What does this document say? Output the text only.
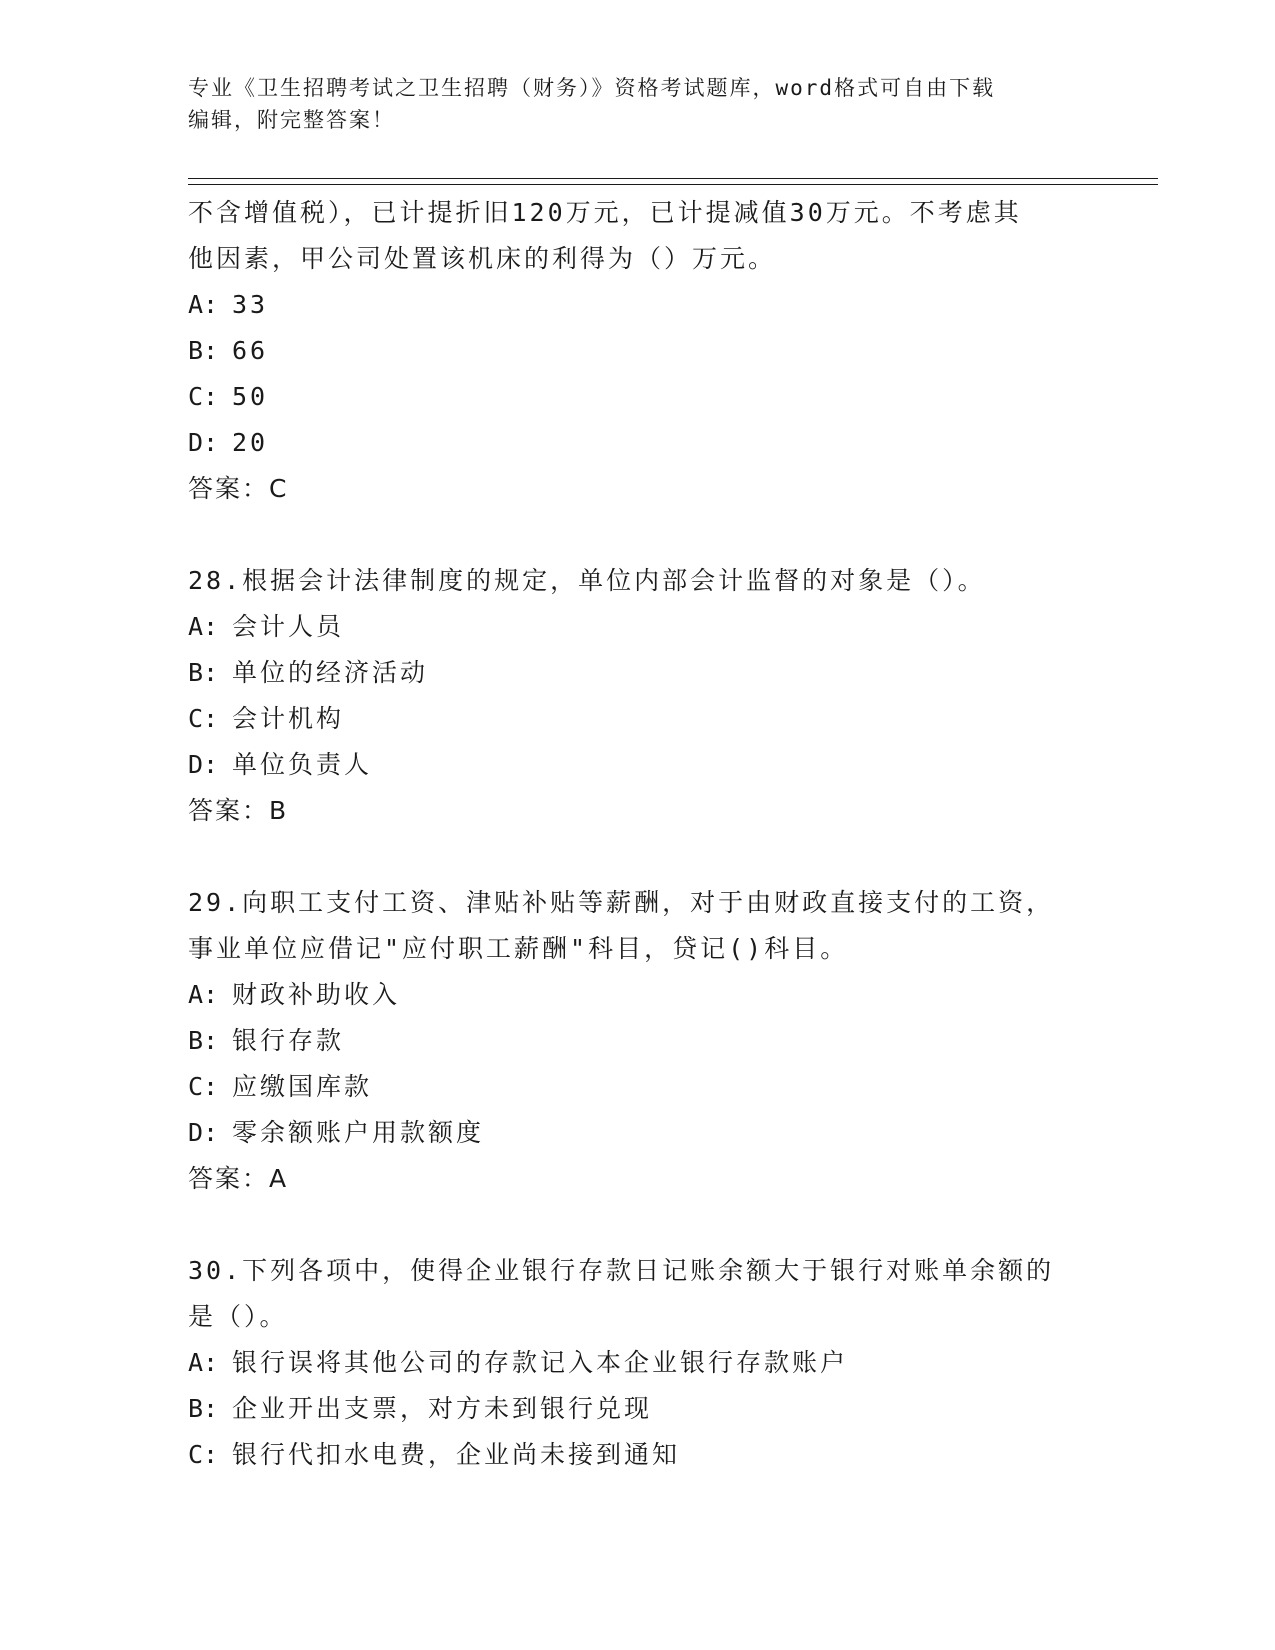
专业《卫生招聘考试之卫生招聘（财务）》资格考试题库，word格式可自由下载
编辑，附完整答案！
不含增值税），已计提折旧120万元，已计提减值30万元。不考虑其
他因素，甲公司处置该机床的利得为（）万元。
A: 33
B: 66
C: 50
D: 20
答案：C
28.根据会计法律制度的规定，单位内部会计监督的对象是（）。
A: 会计人员
B: 单位的经济活动
C: 会计机构
D: 单位负责人
答案：B
29.向职工支付工资、津贴补贴等薪酬，对于由财政直接支付的工资，
事业单位应借记"应付职工薪酬"科目，贷记()科目。
A: 财政补助收入
B: 银行存款
C: 应缴国库款
D: 零余额账户用款额度
答案：A
30.下列各项中，使得企业银行存款日记账余额大于银行对账单余额的
是（）。
A: 银行误将其他公司的存款记入本企业银行存款账户
B: 企业开出支票，对方未到银行兑现
C: 银行代扣水电费，企业尚未接到通知
